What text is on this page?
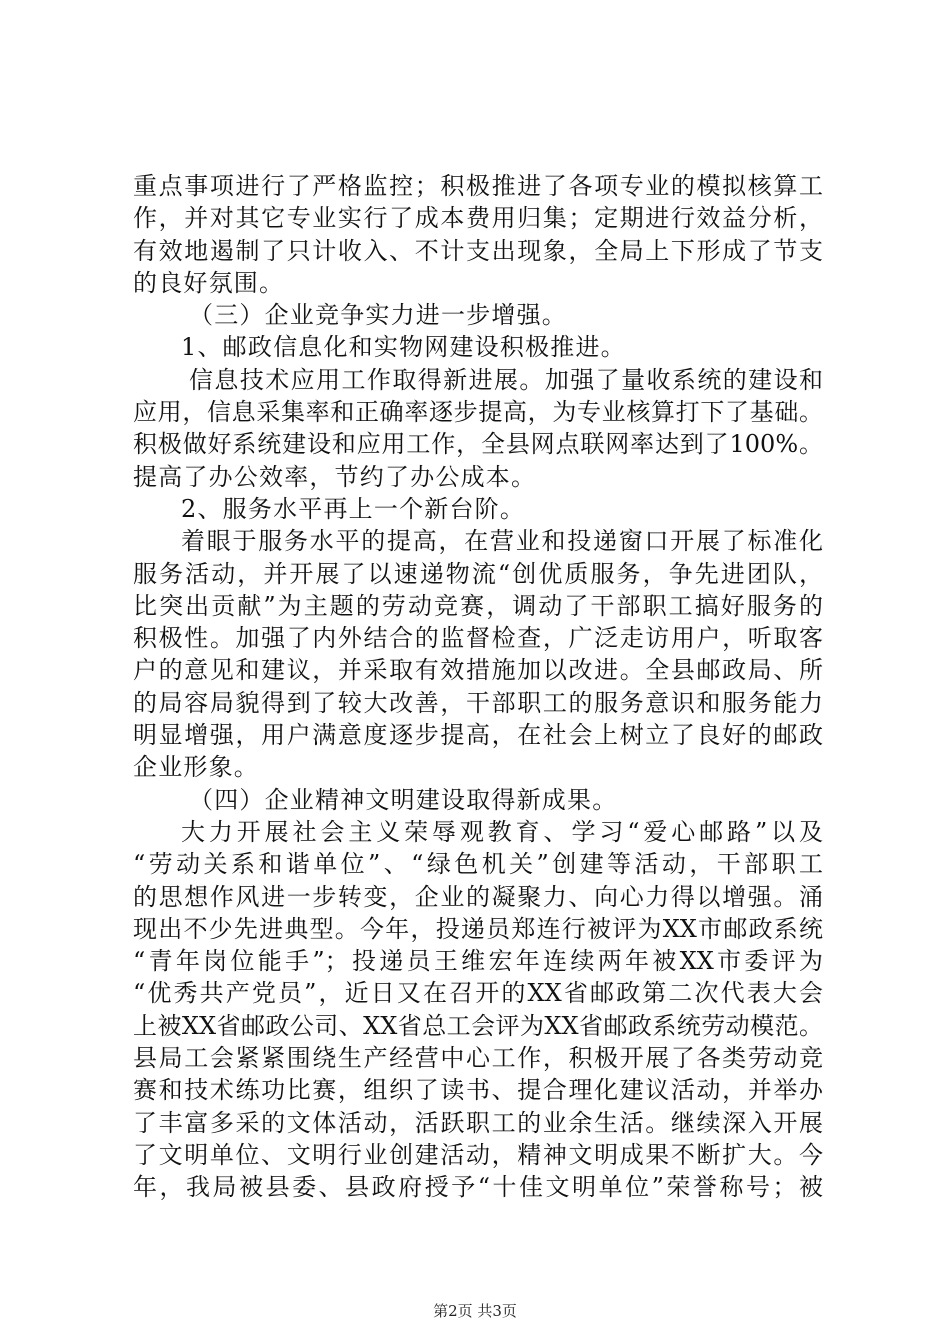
重点事项进行了严格监控；积极推进了各项专业的模拟核算工
作，并对其它专业实行了成本费用归集；定期进行效益分析，
有效地遏制了只计收入、不计支出现象，全局上下形成了节支
的良好氛围。
（三）企业竞争实力进一步增强。
1、邮政信息化和实物网建设积极推进。
信息技术应用工作取得新进展。加强了量收系统的建设和
应用，信息采集率和正确率逐步提高，为专业核算打下了基础。
积极做好系统建设和应用工作，全县网点联网率达到了100%。
提高了办公效率，节约了办公成本。
2、服务水平再上一个新台阶。
着眼于服务水平的提高，在营业和投递窗口开展了标准化
服务活动，并开展了以速递物流“创优质服务，争先进团队，
比突出贡献”为主题的劳动竞赛，调动了干部职工搞好服务的
积极性。加强了内外结合的监督检查，广泛走访用户，听取客
户的意见和建议，并采取有效措施加以改进。全县邮政局、所
的局容局貌得到了较大改善，干部职工的服务意识和服务能力
明显增强，用户满意度逐步提高，在社会上树立了良好的邮政
企业形象。
（四）企业精神文明建设取得新成果。
大力开展社会主义荣辱观教育、学习“爱心邮路”以及
“劳动关系和谐单位”、“绿色机关”创建等活动，干部职工
的思想作风进一步转变，企业的凝聚力、向心力得以增强。涌
现出不少先进典型。今年，投递员郑连行被评为XX市邮政系统
“青年岗位能手”；投递员王维宏年连续两年被XX市委评为
“优秀共产党员”，近日又在召开的XX省邮政第二次代表大会
上被XX省邮政公司、XX省总工会评为XX省邮政系统劳动模范。
县局工会紧紧围绕生产经营中心工作，积极开展了各类劳动竞
赛和技术练功比赛，组织了读书、提合理化建议活动，并举办
了丰富多采的文体活动，活跃职工的业余生活。继续深入开展
了文明单位、文明行业创建活动，精神文明成果不断扩大。今
年，我局被县委、县政府授予“十佳文明单位”荣誉称号；被
第2页 共3页
